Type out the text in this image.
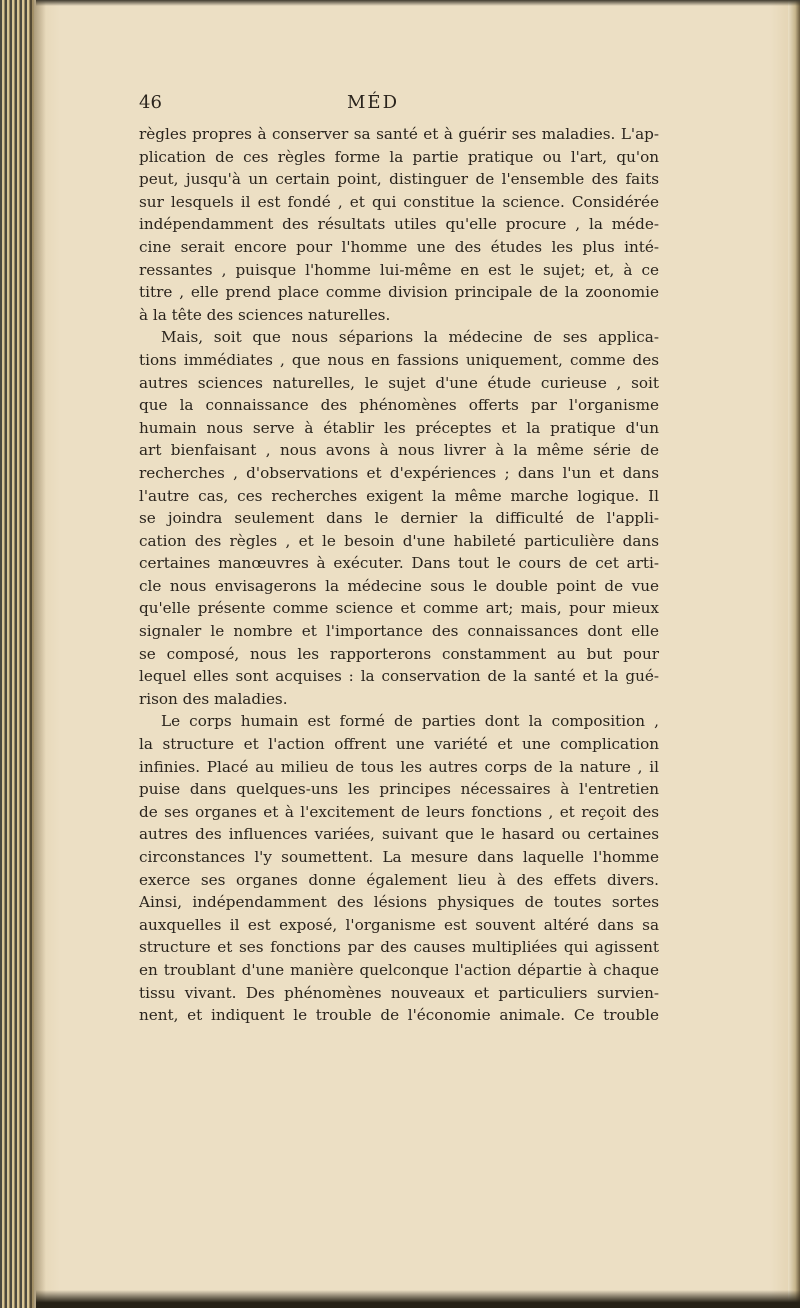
46	MÉD
règles propres à conserver sa santé et à guérir ses maladies. L'ap-
plication de ces règles forme la partie pratique ou l'art, qu'on
peut, jusqu'à un certain point, distinguer de l'ensemble des faits
sur lesquels il est fondé , et qui constitue la science. Considérée
indépendamment des résultats utiles qu'elle procure , la méde-
cine serait encore pour l'homme une des études les plus inté-
ressantes , puisque l'homme lui-même en est le sujet; et, à ce
titre , elle prend place comme division principale de la zoonomie
à la tête des sciences naturelles.
Mais, soit que nous séparions la médecine de ses applica-
tions immédiates , que nous en fassions uniquement, comme des
autres sciences naturelles, le sujet d'une étude curieuse , soit
que la connaissance des phénomènes offerts par l'organisme
humain nous serve à établir les préceptes et la pratique d'un
art bienfaisant , nous avons à nous livrer à la même série de
recherches , d'observations et d'expériences ; dans l'un et dans
l'autre cas, ces recherches exigent la même marche logique. Il
se joindra seulement dans le dernier la difficulté de l'appli-
cation des règles , et le besoin d'une habileté particulière dans
certaines manœuvres à exécuter. Dans tout le cours de cet arti-
cle nous envisagerons la médecine sous le double point de vue
qu'elle présente comme science et comme art; mais, pour mieux
signaler le nombre et l'importance des connaissances dont elle
se composé, nous les rapporterons constamment au but pour
lequel elles sont acquises : la conservation de la santé et la gué-
rison des maladies.
Le corps humain est formé de parties dont la composition ,
la structure et l'action offrent une variété et une complication
infinies. Placé au milieu de tous les autres corps de la nature , il
puise dans quelques-uns les principes nécessaires à l'entretien
de ses organes et à l'excitement de leurs fonctions , et reçoit des
autres des influences variées, suivant que le hasard ou certaines
circonstances l'y soumettent. La mesure dans laquelle l'homme
exerce ses organes donne également lieu à des effets divers.
Ainsi, indépendamment des lésions physiques de toutes sortes
auxquelles il est exposé, l'organisme est souvent altéré dans sa
structure et ses fonctions par des causes multipliées qui agissent
en troublant d'une manière quelconque l'action départie à chaque
tissu vivant. Des phénomènes nouveaux et particuliers survien-
nent, et indiquent le trouble de l'économie animale. Ce trouble
